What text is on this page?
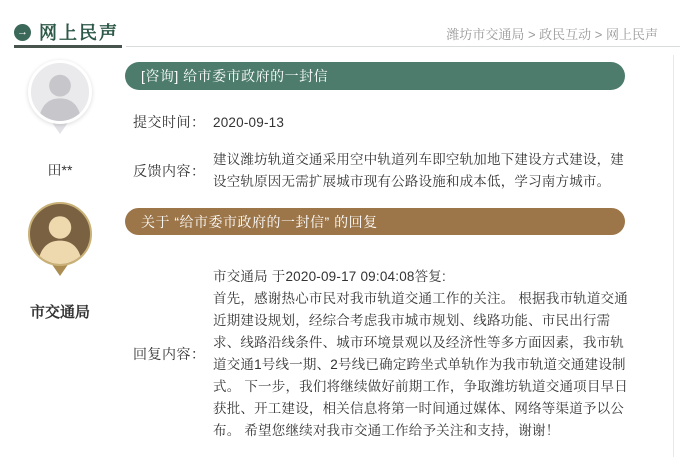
→ 网上民声	潍坊市交通局 > 政民互动 > 网上民声
田**
市交通局
[咨询] 给市委市政府的一封信
提交时间： 2020-09-13
反馈内容：
建议潍坊轨道交通采用空中轨道列车即空轨加地下建设方式建设，建设空轨原因无需扩展城市现有公路设施和成本低，学习南方城市。
关于 “给市委市政府的一封信” 的回复
回复内容：
市交通局 于2020-09-17 09:04:08答复:
首先，感谢热心市民对我市轨道交通工作的关注。 根据我市轨道交通近期建设规划，经综合考虑我市城市规划、线路功能、市民出行需求、线路沿线条件、城市环境景观以及经济性等多方面因素，我市轨道交通1号线一期、2号线已确定跨坐式单轨作为我市轨道交通建设制式。 下一步，我们将继续做好前期工作，争取潍坊轨道交通项目早日获批、开工建设，相关信息将第一时间通过媒体、网络等渠道予以公布。 希望您继续对我市交通工作给予关注和支持，谢谢！
